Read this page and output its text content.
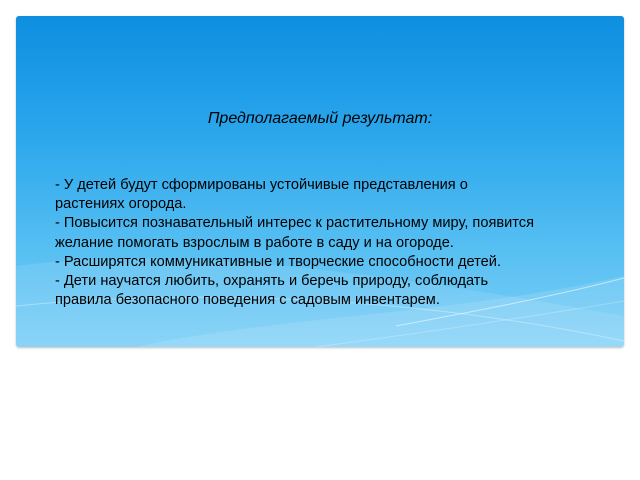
Предполагаемый результат:

- У детей будут сформированы устойчивые представления о
растениях огорода.
- Повысится познавательный интерес к растительному миру, появится
желание помогать взрослым в работе в саду и на огороде.
- Расширятся коммуникативные и творческие способности детей.
- Дети научатся любить, охранять и беречь природу, соблюдать
правила безопасного поведения с садовым инвентарем.
